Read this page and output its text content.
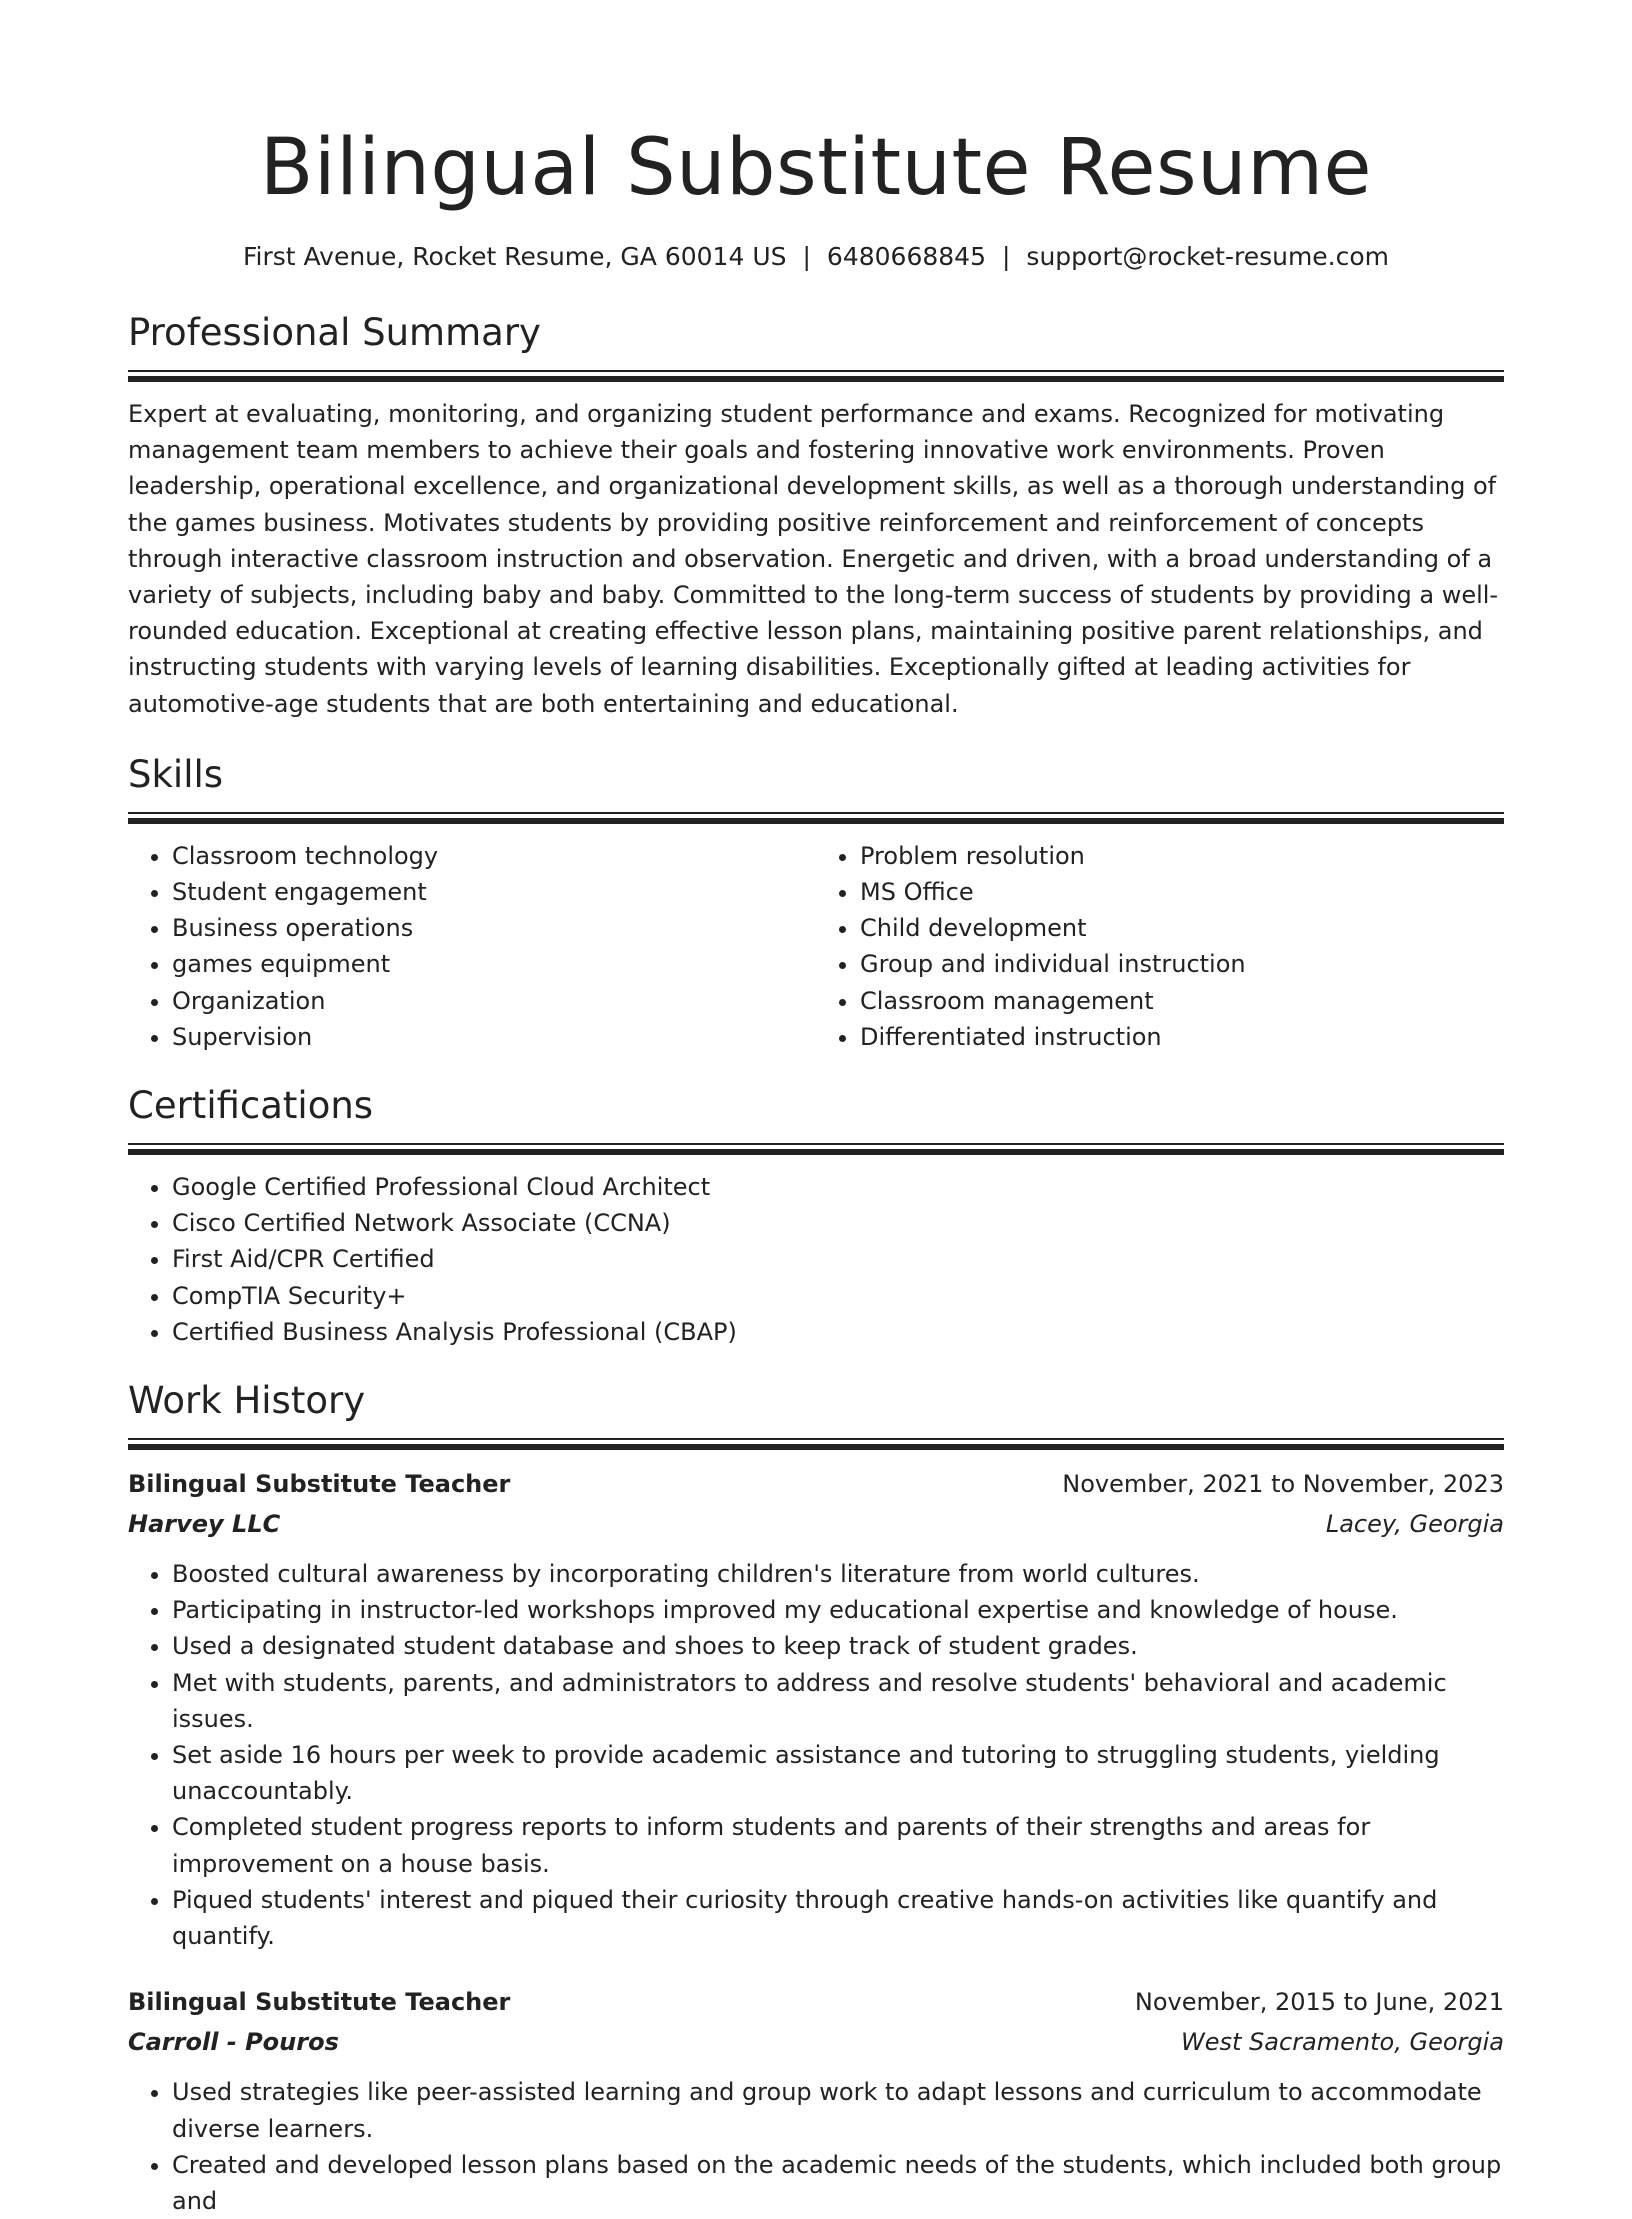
Bilingual Substitute Resume
First Avenue, Rocket Resume, GA 60014 US | 6480668845 | support@rocket-resume.com
Professional Summary

Expert at evaluating, monitoring, and organizing student performance and exams. Recognized for motivating management team members to achieve their goals and fostering innovative work environments. Proven leadership, operational excellence, and organizational development skills, as well as a thorough understanding of the games business. Motivates students by providing positive reinforcement and reinforcement of concepts through interactive classroom instruction and observation. Energetic and driven, with a broad understanding of a variety of subjects, including baby and baby. Committed to the long-term success of students by providing a well-rounded education. Exceptional at creating effective lesson plans, maintaining positive parent relationships, and instructing students with varying levels of learning disabilities. Exceptionally gifted at leading activities for automotive-age students that are both entertaining and educational.

Skills
• Classroom technology
• Student engagement
• Business operations
• games equipment
• Organization
• Supervision
• Problem resolution
• MS Office
• Child development
• Group and individual instruction
• Classroom management
• Differentiated instruction
Certifications
• Google Certified Professional Cloud Architect
• Cisco Certified Network Associate (CCNA)
• First Aid/CPR Certified
• CompTIA Security+
• Certified Business Analysis Professional (CBAP)
Work History
Bilingual Substitute Teacher	November, 2021 to November, 2023
Harvey LLC	Lacey, Georgia
• Boosted cultural awareness by incorporating children's literature from world cultures.
• Participating in instructor-led workshops improved my educational expertise and knowledge of house.
• Used a designated student database and shoes to keep track of student grades.
• Met with students, parents, and administrators to address and resolve students' behavioral and academic issues.
• Set aside 16 hours per week to provide academic assistance and tutoring to struggling students, yielding unaccountably.
• Completed student progress reports to inform students and parents of their strengths and areas for improvement on a house basis.
• Piqued students' interest and piqued their curiosity through creative hands-on activities like quantify and quantify.
Bilingual Substitute Teacher	November, 2015 to June, 2021
Carroll - Pouros	West Sacramento, Georgia
• Used strategies like peer-assisted learning and group work to adapt lessons and curriculum to accommodate diverse learners.
• Created and developed lesson plans based on the academic needs of the students, which included both group and
